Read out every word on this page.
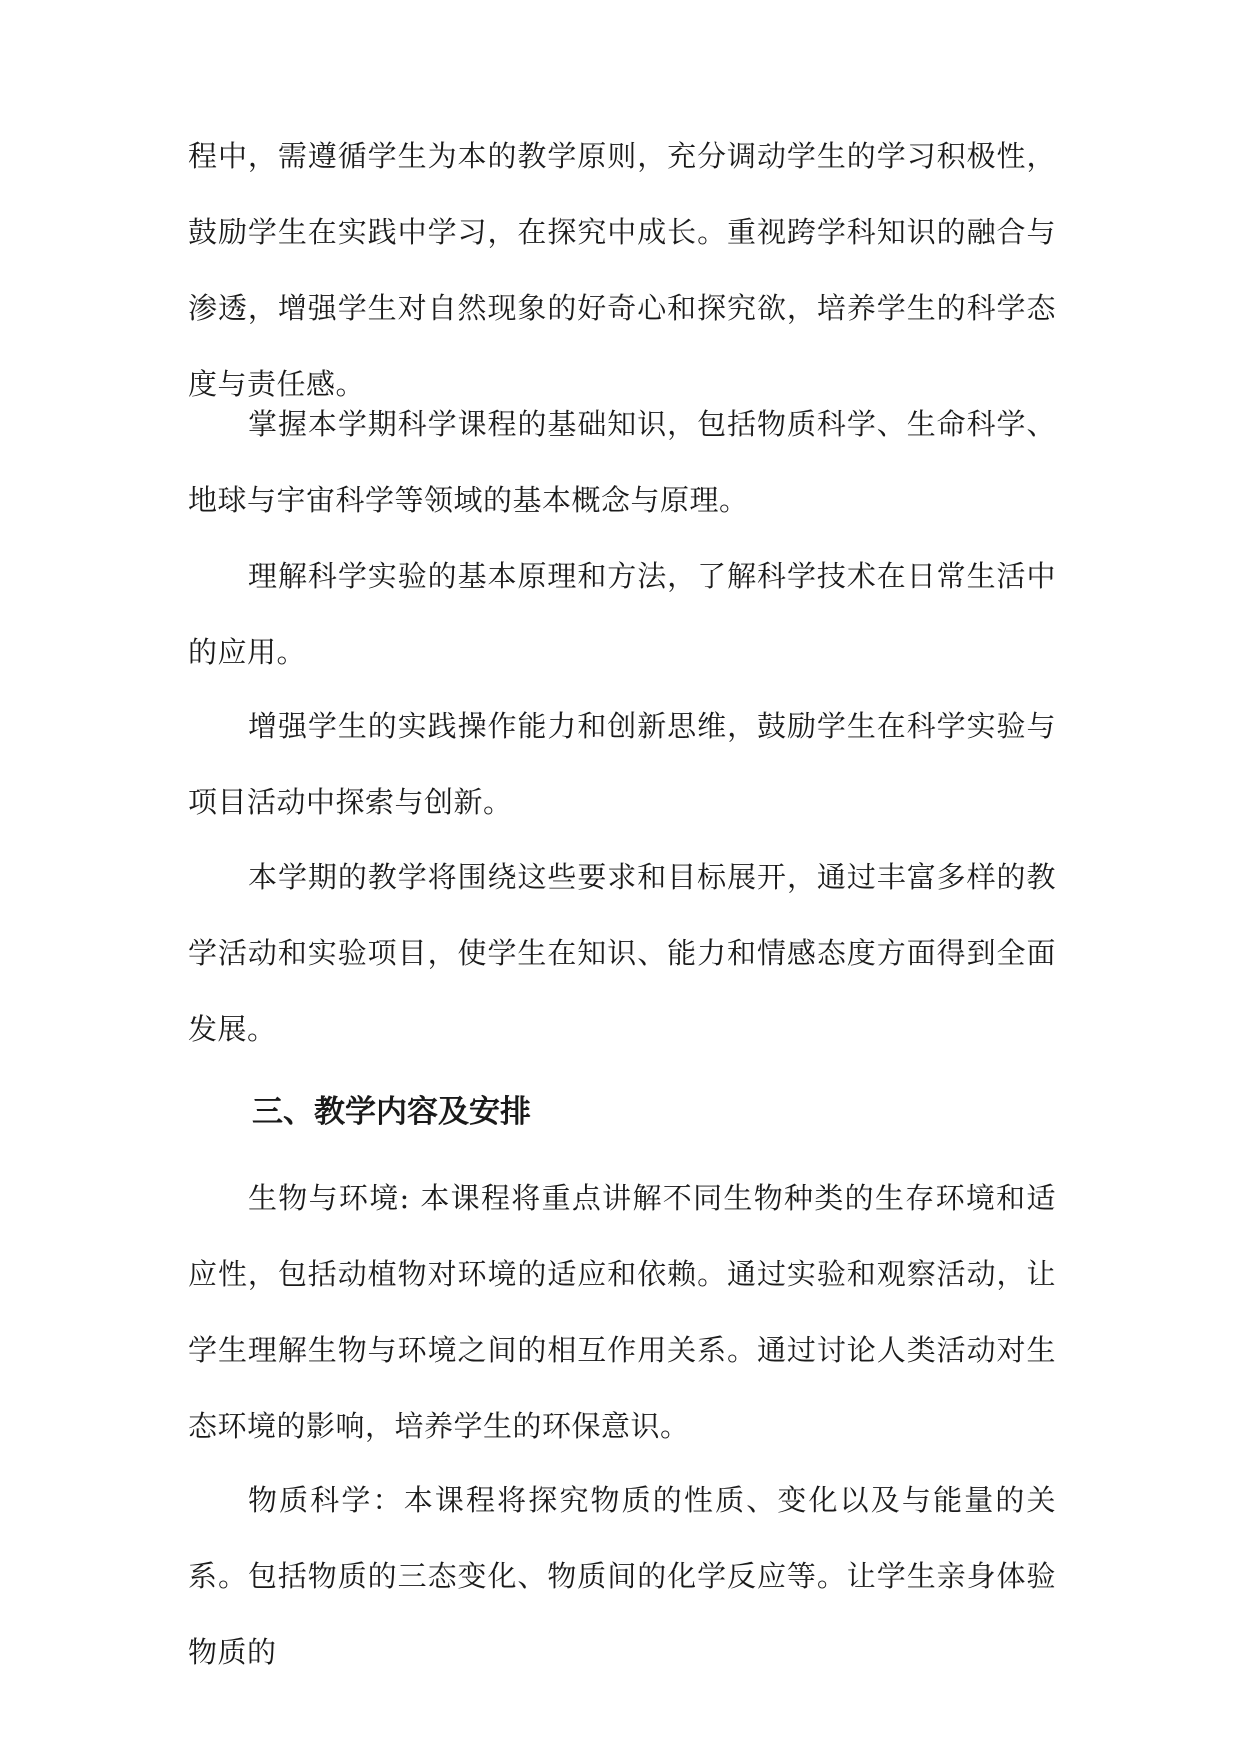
程中，需遵循学生为本的教学原则，充分调动学生的学习积极性，鼓励学生在实践中学习，在探究中成长。重视跨学科知识的融合与渗透，增强学生对自然现象的好奇心和探究欲，培养学生的科学态度与责任感。

掌握本学期科学课程的基础知识，包括物质科学、生命科学、地球与宇宙科学等领域的基本概念与原理。

理解科学实验的基本原理和方法，了解科学技术在日常生活中的应用。

增强学生的实践操作能力和创新思维，鼓励学生在科学实验与项目活动中探索与创新。

本学期的教学将围绕这些要求和目标展开，通过丰富多样的教学活动和实验项目，使学生在知识、能力和情感态度方面得到全面发展。

三、教学内容及安排

生物与环境: 本课程将重点讲解不同生物种类的生存环境和适应性，包括动植物对环境的适应和依赖。通过实验和观察活动，让学生理解生物与环境之间的相互作用关系。通过讨论人类活动对生态环境的影响，培养学生的环保意识。

物质科学：本课程将探究物质的性质、变化以及与能量的关系。包括物质的三态变化、物质间的化学反应等。让学生亲身体验物质的
